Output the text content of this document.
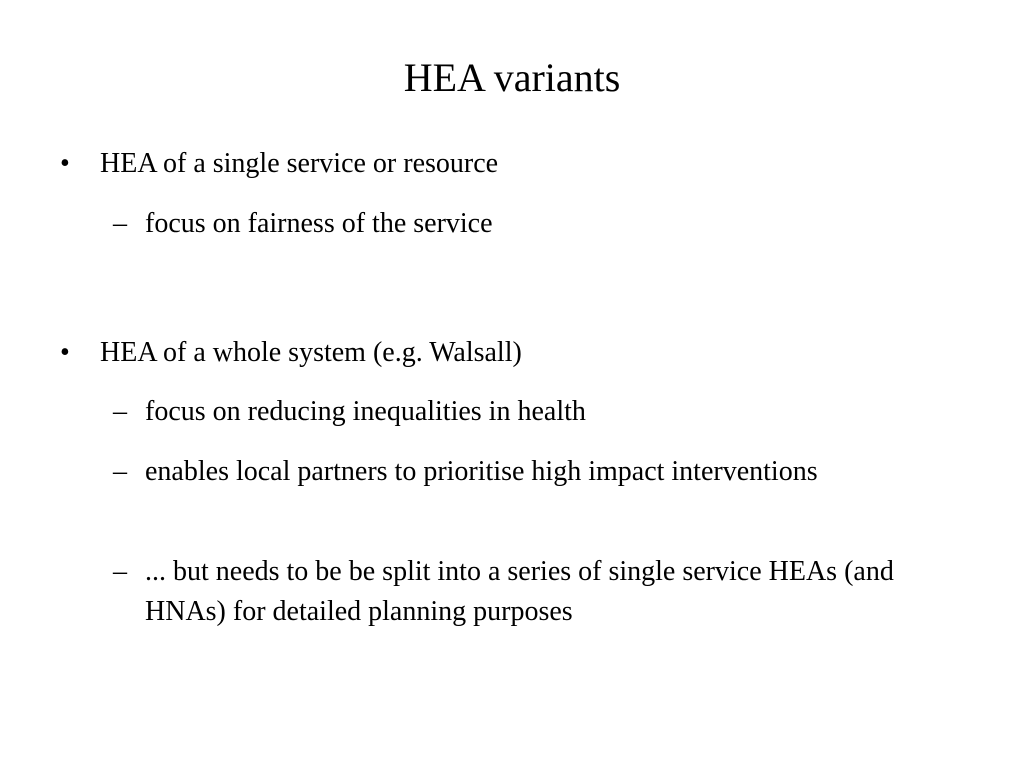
HEA variants
• HEA of a single service or resource
– focus on fairness of the service
• HEA of a whole system (e.g. Walsall)
– focus on reducing inequalities in health
– enables local partners to prioritise high impact interventions
– ... but needs to be be split into a series of single service HEAs (and HNAs) for detailed planning purposes
